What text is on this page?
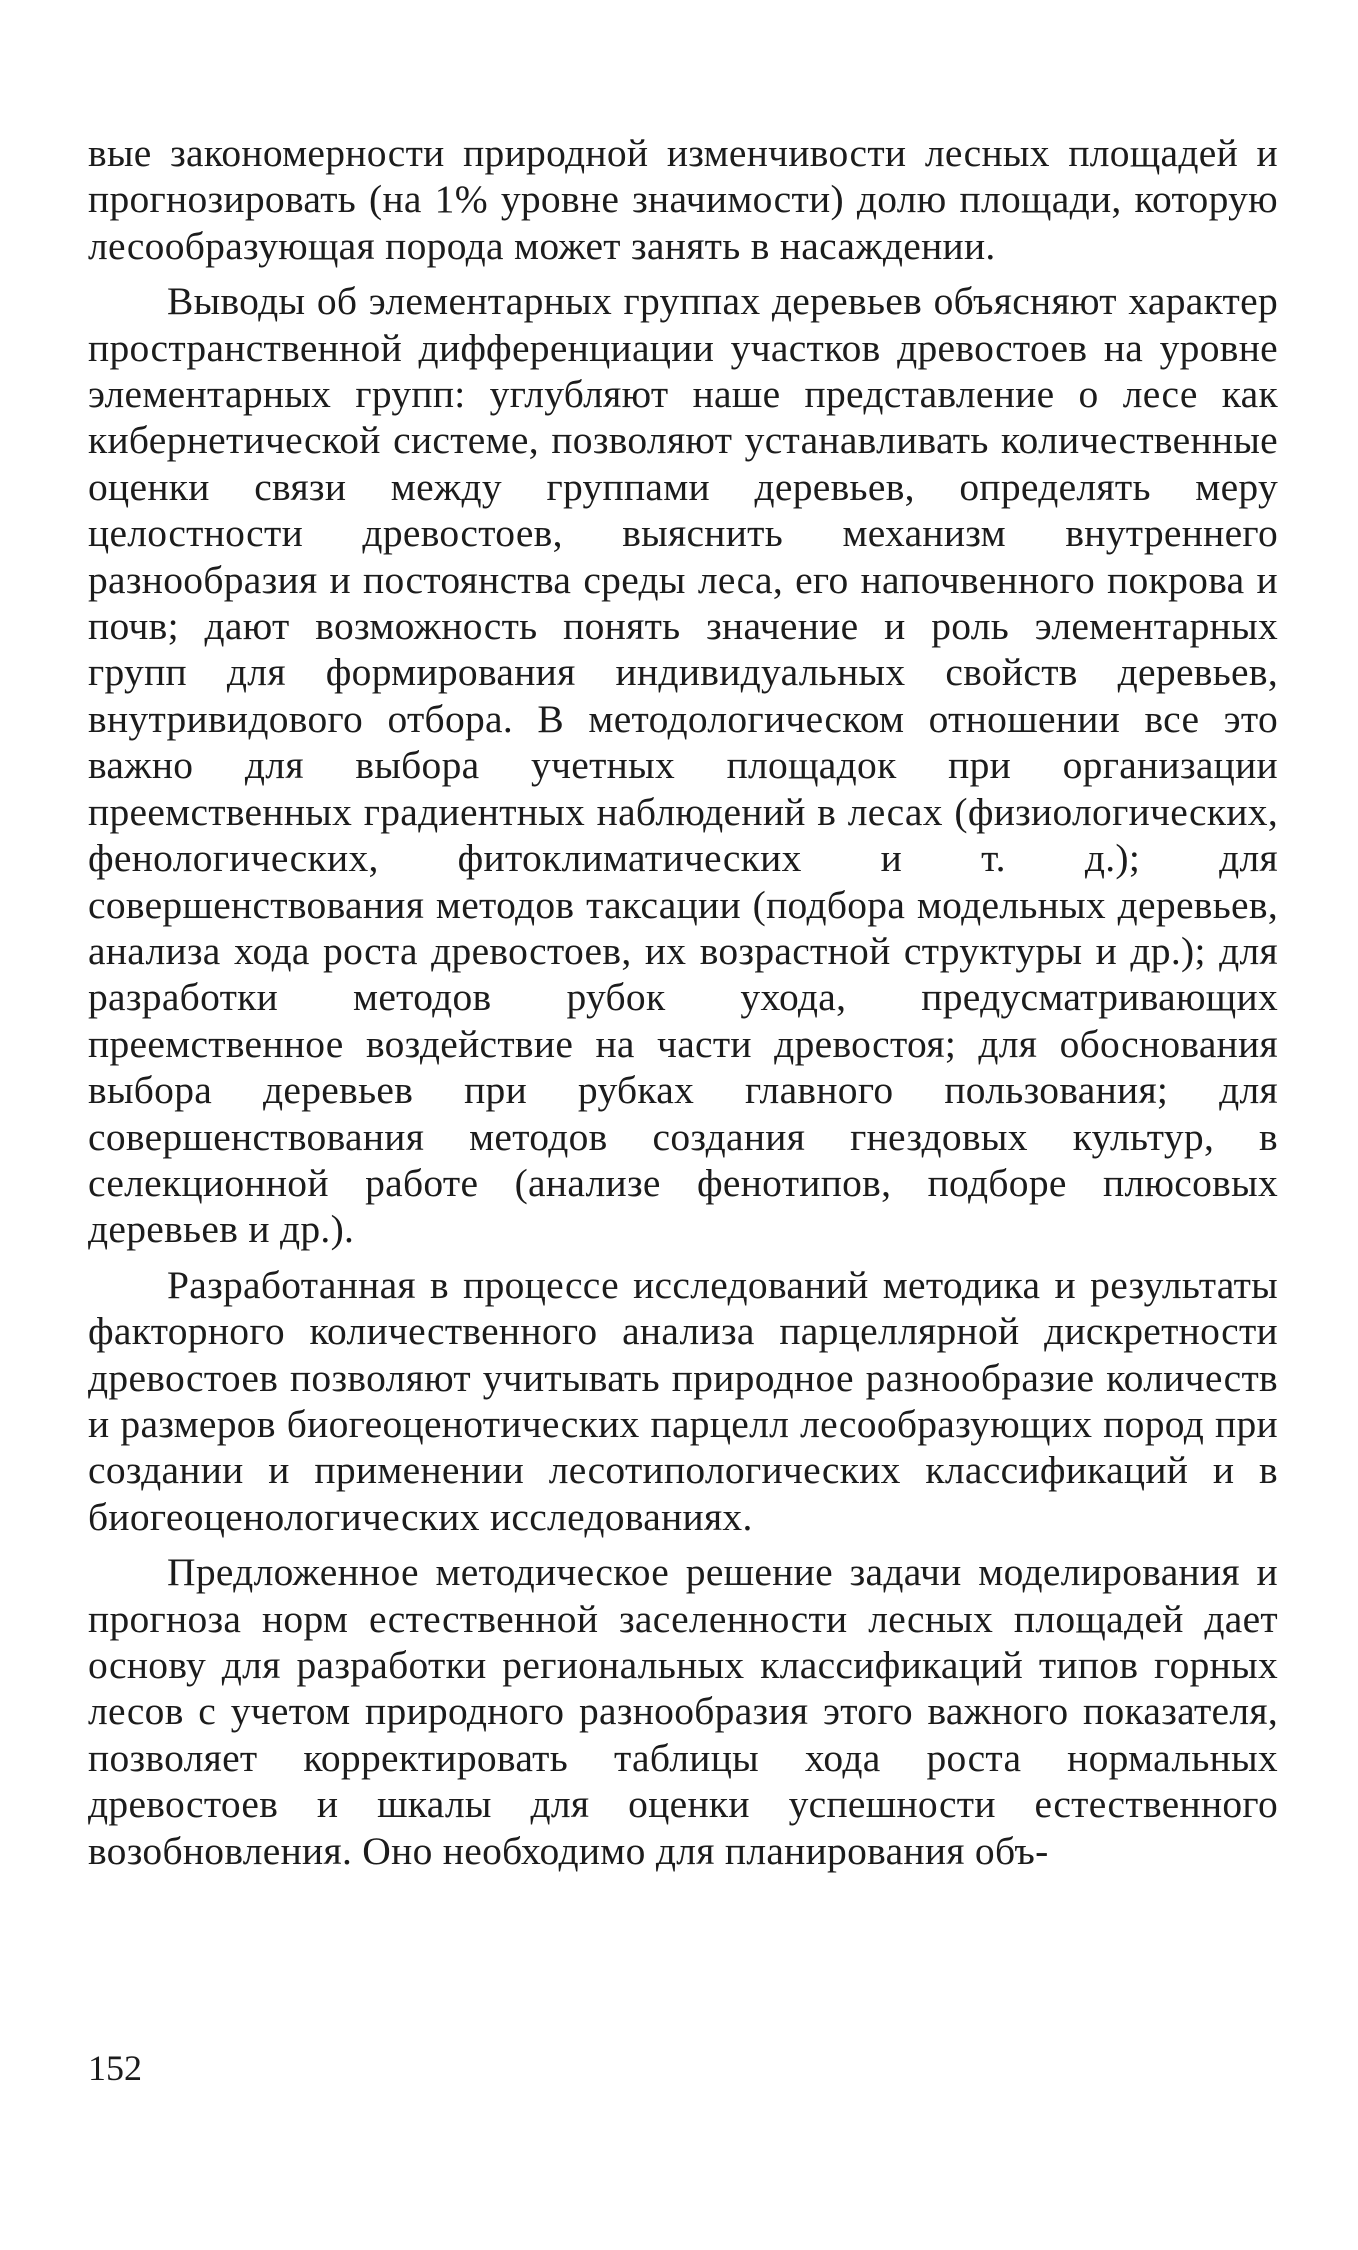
вые закономерности природной изменчивости лесных площадей и прогнозировать (на 1% уровне значимости) долю площади, которую лесообразующая порода может занять в насаждении.

Выводы об элементарных группах деревьев объясняют характер пространственной дифференциации участков древостоев на уровне элементарных групп: углубляют наше представление о лесе как кибернетической системе, позволяют устанавливать количественные оценки связи между группами деревьев, определять меру целостности древостоев, выяснить механизм внутреннего разнообразия и постоянства среды леса, его напочвенного покрова и почв; дают возможность понять значение и роль элементарных групп для формирования индивидуальных свойств деревьев, внутривидового отбора. В методологическом отношении все это важно для выбора учетных площадок при организации преемственных градиентных наблюдений в лесах (физиологических, фенологических, фитоклиматических и т. д.); для совершенствования методов таксации (подбора модельных деревьев, анализа хода роста древостоев, их возрастной структуры и др.); для разработки методов рубок ухода, предусматривающих преемственное воздействие на части древостоя; для обоснования выбора деревьев при рубках главного пользования; для совершенствования методов создания гнездовых культур, в селекционной работе (анализе фенотипов, подборе плюсовых деревьев и др.).

Разработанная в процессе исследований методика и результаты факторного количественного анализа парцеллярной дискретности древостоев позволяют учитывать природное разнообразие количеств и размеров биогеоценотических парцелл лесообразующих пород при создании и применении лесотипологических классификаций и в биогеоценологических исследованиях.

Предложенное методическое решение задачи моделирования и прогноза норм естественной заселенности лесных площадей дает основу для разработки региональных классификаций типов горных лесов с учетом природного разнообразия этого важного показателя, позволяет корректировать таблицы хода роста нормальных древостоев и шкалы для оценки успешности естественного возобновления. Оно необходимо для планирования объ-

152
